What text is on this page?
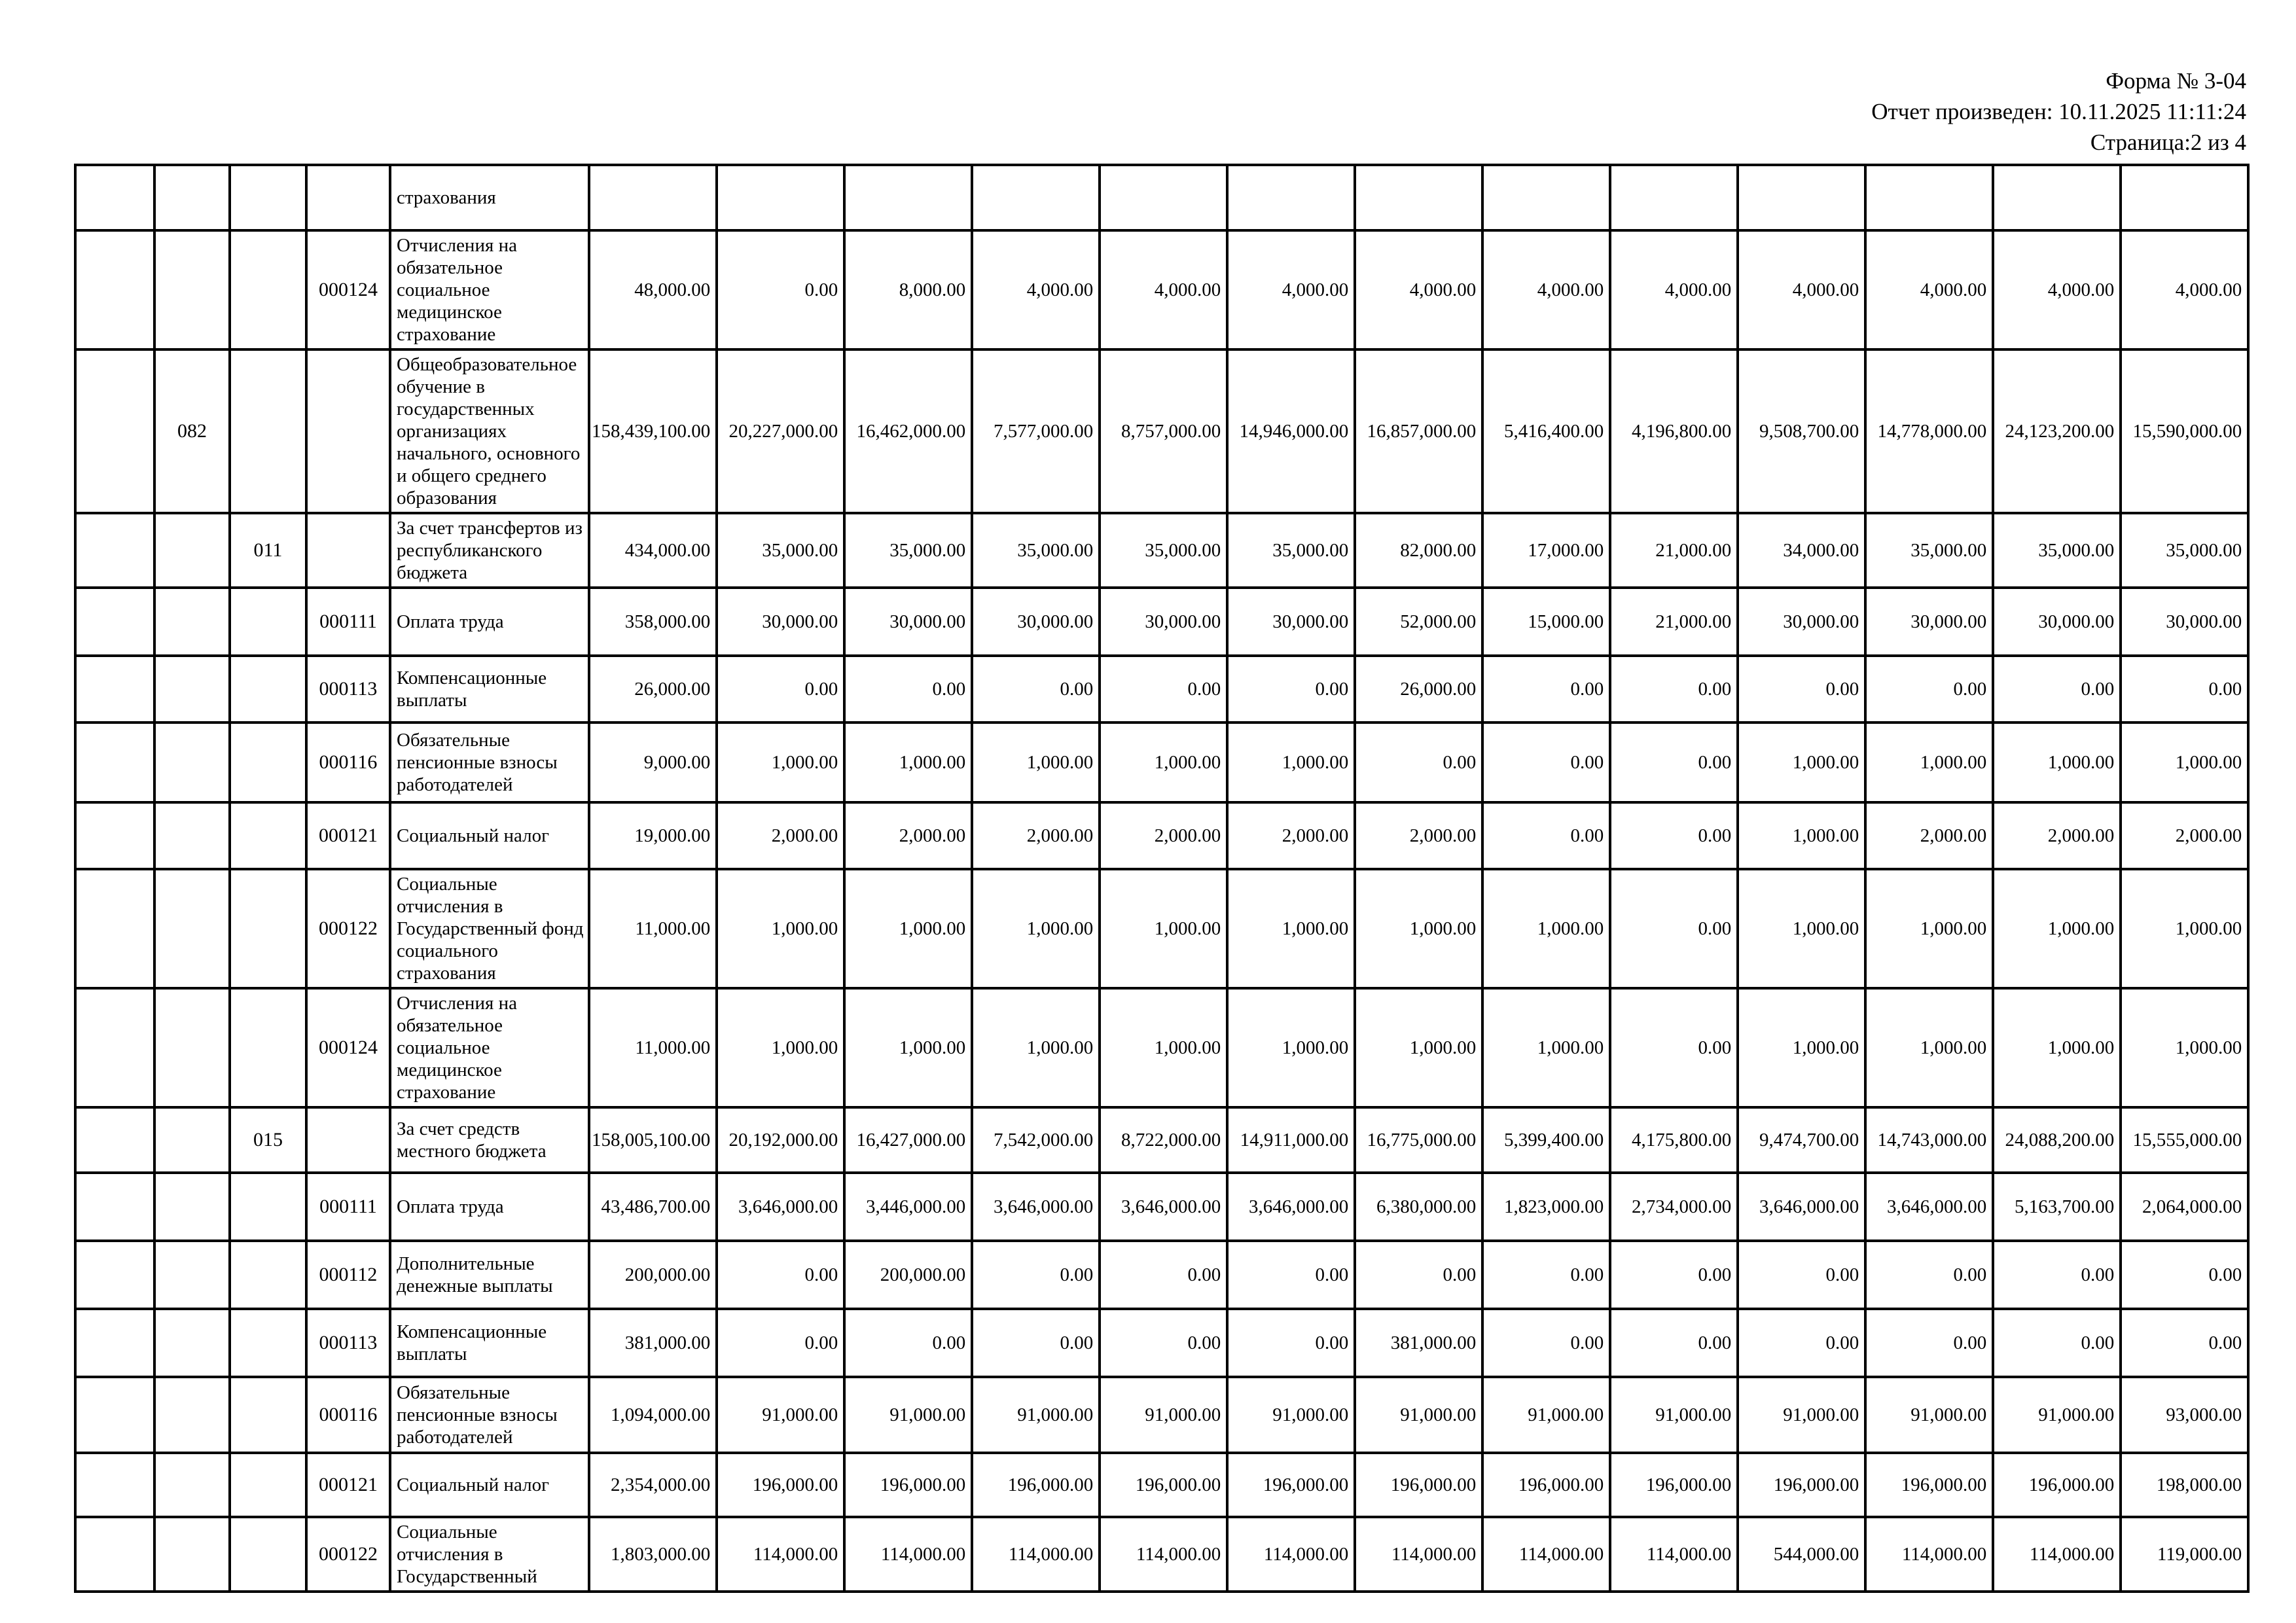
Форма № 3-04
Отчет произведен: 10.11.2025 11:11:24
Страница:2 из 4
				страхования													
			000124	Отчисления на обязательное социальное медицинское страхование	48,000.00	0.00	8,000.00	4,000.00	4,000.00	4,000.00	4,000.00	4,000.00	4,000.00	4,000.00	4,000.00	4,000.00	4,000.00
	082			Общеобразовательное обучение в государственных организациях начального, основного и общего среднего образования	158,439,100.00	20,227,000.00	16,462,000.00	7,577,000.00	8,757,000.00	14,946,000.00	16,857,000.00	5,416,400.00	4,196,800.00	9,508,700.00	14,778,000.00	24,123,200.00	15,590,000.00
		011		За счет трансфертов из республиканского бюджета	434,000.00	35,000.00	35,000.00	35,000.00	35,000.00	35,000.00	82,000.00	17,000.00	21,000.00	34,000.00	35,000.00	35,000.00	35,000.00
			000111	Оплата труда	358,000.00	30,000.00	30,000.00	30,000.00	30,000.00	30,000.00	52,000.00	15,000.00	21,000.00	30,000.00	30,000.00	30,000.00	30,000.00
			000113	Компенсационные выплаты	26,000.00	0.00	0.00	0.00	0.00	0.00	26,000.00	0.00	0.00	0.00	0.00	0.00	0.00
			000116	Обязательные пенсионные взносы работодателей	9,000.00	1,000.00	1,000.00	1,000.00	1,000.00	1,000.00	0.00	0.00	0.00	1,000.00	1,000.00	1,000.00	1,000.00
			000121	Социальный налог	19,000.00	2,000.00	2,000.00	2,000.00	2,000.00	2,000.00	2,000.00	0.00	0.00	1,000.00	2,000.00	2,000.00	2,000.00
			000122	Социальные отчисления в Государственный фонд социального страхования	11,000.00	1,000.00	1,000.00	1,000.00	1,000.00	1,000.00	1,000.00	1,000.00	0.00	1,000.00	1,000.00	1,000.00	1,000.00
			000124	Отчисления на обязательное социальное медицинское страхование	11,000.00	1,000.00	1,000.00	1,000.00	1,000.00	1,000.00	1,000.00	1,000.00	0.00	1,000.00	1,000.00	1,000.00	1,000.00
		015		За счет средств местного бюджета	158,005,100.00	20,192,000.00	16,427,000.00	7,542,000.00	8,722,000.00	14,911,000.00	16,775,000.00	5,399,400.00	4,175,800.00	9,474,700.00	14,743,000.00	24,088,200.00	15,555,000.00
			000111	Оплата труда	43,486,700.00	3,646,000.00	3,446,000.00	3,646,000.00	3,646,000.00	3,646,000.00	6,380,000.00	1,823,000.00	2,734,000.00	3,646,000.00	3,646,000.00	5,163,700.00	2,064,000.00
			000112	Дополнительные денежные выплаты	200,000.00	0.00	200,000.00	0.00	0.00	0.00	0.00	0.00	0.00	0.00	0.00	0.00	0.00
			000113	Компенсационные выплаты	381,000.00	0.00	0.00	0.00	0.00	0.00	381,000.00	0.00	0.00	0.00	0.00	0.00	0.00
			000116	Обязательные пенсионные взносы работодателей	1,094,000.00	91,000.00	91,000.00	91,000.00	91,000.00	91,000.00	91,000.00	91,000.00	91,000.00	91,000.00	91,000.00	91,000.00	93,000.00
			000121	Социальный налог	2,354,000.00	196,000.00	196,000.00	196,000.00	196,000.00	196,000.00	196,000.00	196,000.00	196,000.00	196,000.00	196,000.00	196,000.00	198,000.00
			000122	Социальные отчисления в Государственный	1,803,000.00	114,000.00	114,000.00	114,000.00	114,000.00	114,000.00	114,000.00	114,000.00	114,000.00	544,000.00	114,000.00	114,000.00	119,000.00
